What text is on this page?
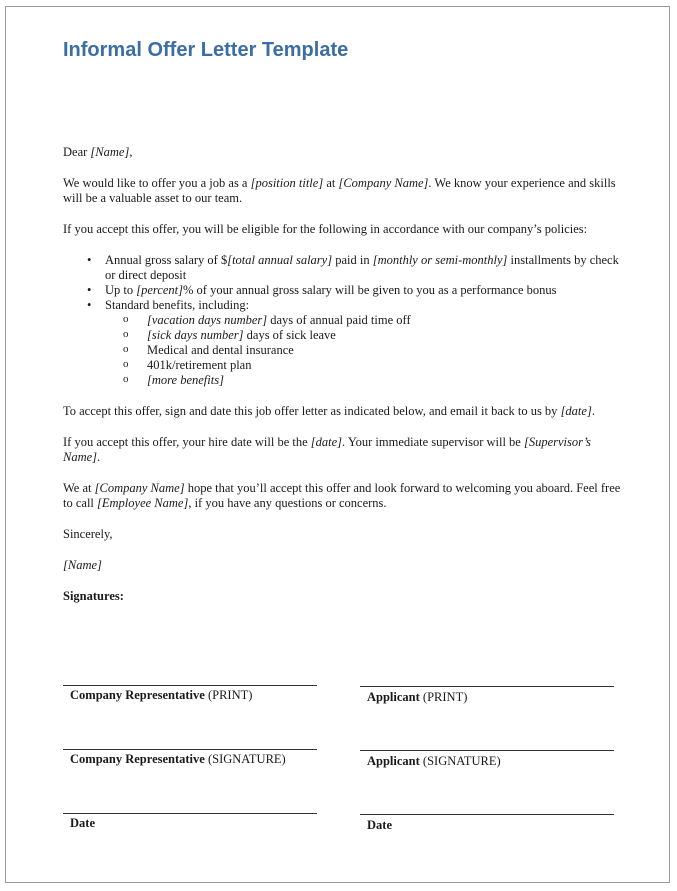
Informal Offer Letter Template

Dear [Name],

We would like to offer you a job as a [position title] at [Company Name]. We know your experience and skills will be a valuable asset to our team.

If you accept this offer, you will be eligible for the following in accordance with our company’s policies:

• Annual gross salary of $[total annual salary] paid in [monthly or semi-monthly] installments by check or direct deposit
• Up to [percent]% of your annual gross salary will be given to you as a performance bonus
• Standard benefits, including:
o [vacation days number] days of annual paid time off
o [sick days number] days of sick leave
o Medical and dental insurance
o 401k/retirement plan
o [more benefits]

To accept this offer, sign and date this job offer letter as indicated below, and email it back to us by [date].

If you accept this offer, your hire date will be the [date]. Your immediate supervisor will be [Supervisor’s Name].

We at [Company Name] hope that you’ll accept this offer and look forward to welcoming you aboard. Feel free to call [Employee Name], if you have any questions or concerns.

Sincerely,

[Name]

Signatures:

Company Representative (PRINT)	Applicant (PRINT)
Company Representative (SIGNATURE)	Applicant (SIGNATURE)
Date	Date
